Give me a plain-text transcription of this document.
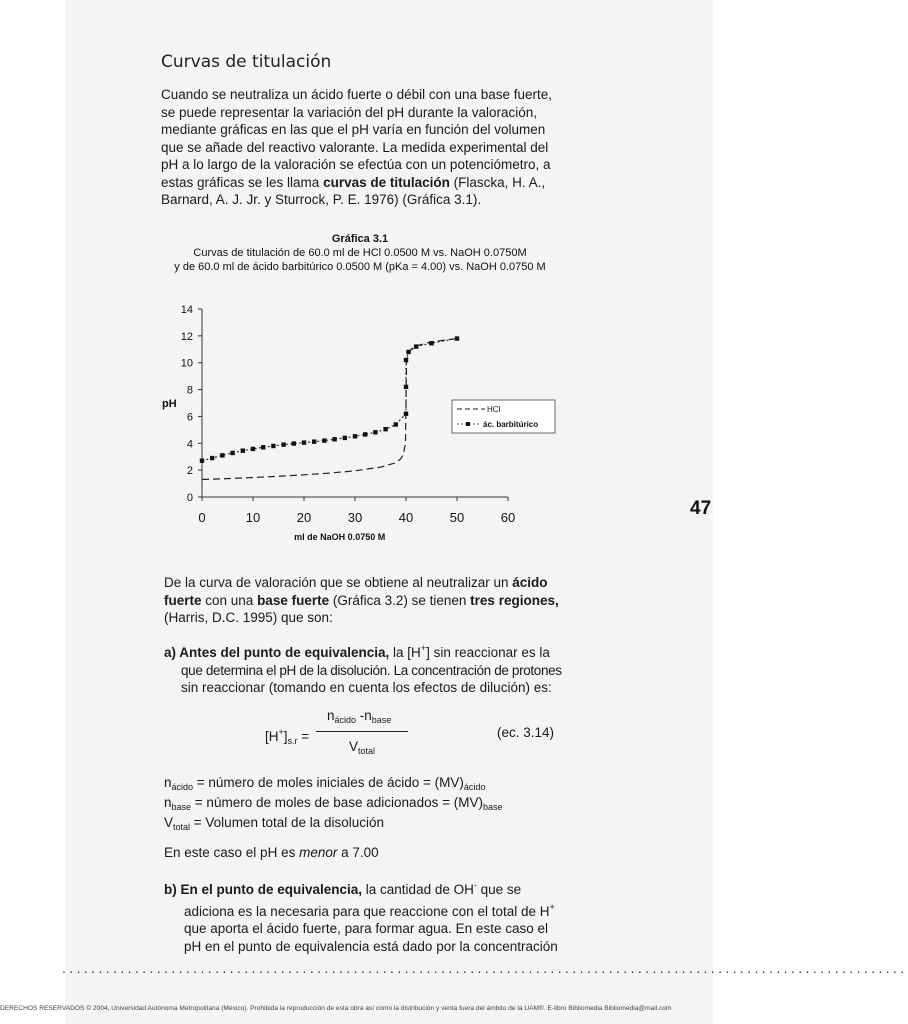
Curvas de titulación
Cuando se neutraliza un ácido fuerte o débil con una base fuerte,
se puede representar la variación del pH durante la valoración,
mediante gráficas en las que el pH varía en función del volumen
que se añade del reactivo valorante. La medida experimental del
pH a lo largo de la valoración se efectúa con un potenciómetro, a
estas gráficas se les llama curvas de titulación (Flascka, H. A.,
Barnard, A. J. Jr. y Sturrock, P. E. 1976) (Gráfica 3.1).
Gráfica 3.1
Curvas de titulación de 60.0 ml de HCl 0.0500 M vs. NaOH 0.0750M
y de 60.0 ml de ácido barbitúrico 0.0500 M (pKa = 4.00) vs. NaOH 0.0750 M
0
2
4
6
8
10
12
14
0	10	20	30	40	50	60
pH
ml de NaOH 0.0750 M
HCl
ác. barbitúrico
47
De la curva de valoración que se obtiene al neutralizar un ácido
fuerte con una base fuerte (Gráfica 3.2) se tienen tres regiones,
(Harris, D.C. 1995) que son:
a) Antes del punto de equivalencia, la [H+] sin reaccionar es la
que determina el pH de la disolución. La concentración de protones
sin reaccionar (tomando en cuenta los efectos de dilución) es:
$[H^+]_{s.r}$ =
$n_{ácido}$ $-n_{base}$
$V_{total}$
(ec. 3.14)
$n_{ácido}$ = número de moles iniciales de ácido = $(MV)_{ácido}$
$n_{base}$ = número de moles de base adicionados = $(MV)_{base}$
$V_{total}$ = Volumen total de la disolución
En este caso el pH es menor a 7.00
b) En el punto de equivalencia, la cantidad de OH- que se
adiciona es la necesaria para que reaccione con el total de H+
que aporta el ácido fuerte, para formar agua. En este caso el
pH en el punto de equivalencia está dado por la concentración
....................................................................................................................
DERECHOS RESERVADOS © 2004, Universidad Autónoma Metropolitana (México). Prohibida la reproducción de esta obra así como la distribución y venta fuera del ámbito de la UAM®. E-libro Bibliomedia Bibliomedia@mail.com
